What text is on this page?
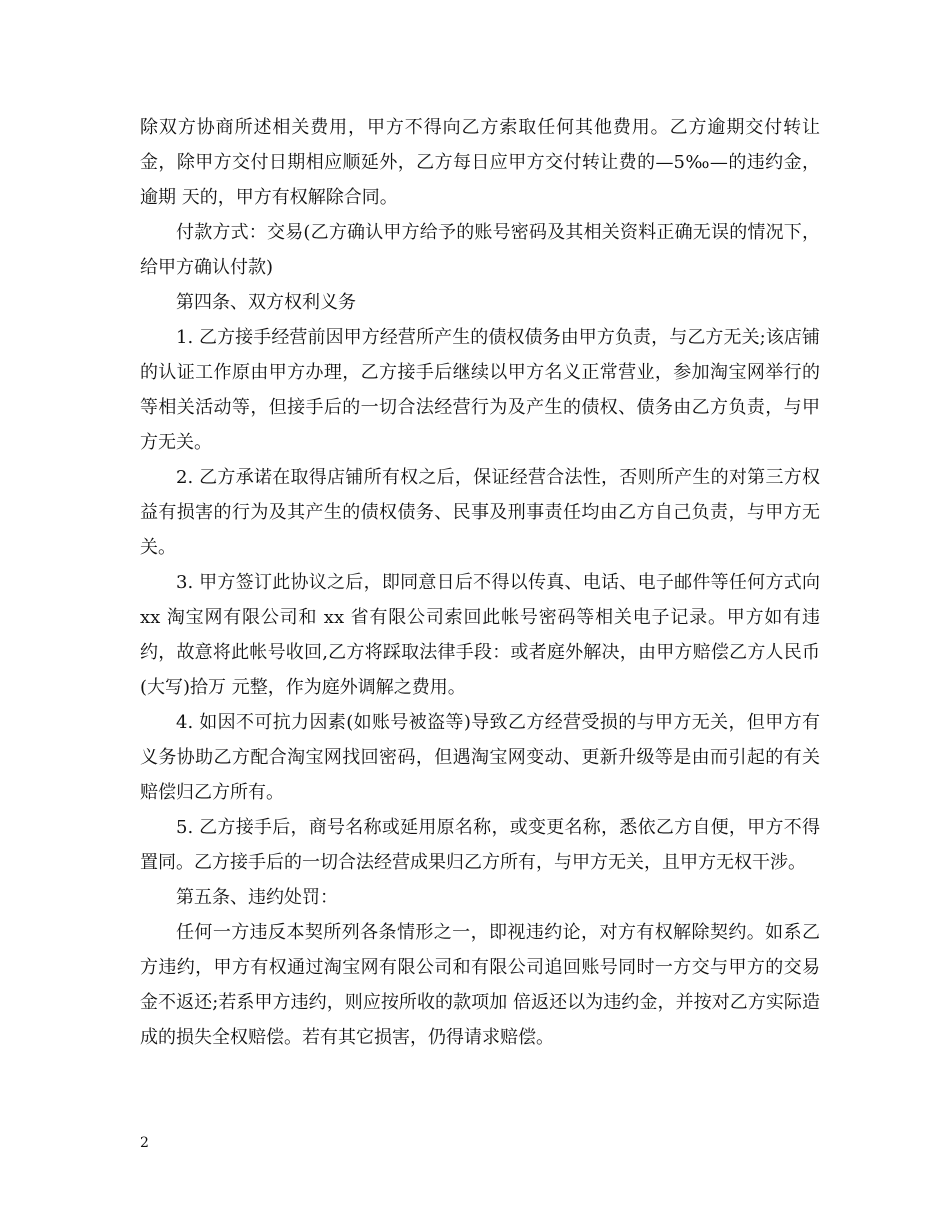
除双方协商所述相关费用，甲方不得向乙方索取任何其他费用。乙方逾期交付转让金，除甲方交付日期相应顺延外，乙方每日应甲方交付转让费的—5‰—的违约金，逾期 天的，甲方有权解除合同。

付款方式：交易(乙方确认甲方给予的账号密码及其相关资料正确无误的情况下，给甲方确认付款)

第四条、双方权利义务

1. 乙方接手经营前因甲方经营所产生的债权债务由甲方负责，与乙方无关;该店铺的认证工作原由甲方办理，乙方接手后继续以甲方名义正常营业，参加淘宝网举行的等相关活动等，但接手后的一切合法经营行为及产生的债权、债务由乙方负责，与甲方无关。

2. 乙方承诺在取得店铺所有权之后，保证经营合法性，否则所产生的对第三方权益有损害的行为及其产生的债权债务、民事及刑事责任均由乙方自己负责，与甲方无关。

3. 甲方签订此协议之后，即同意日后不得以传真、电话、电子邮件等任何方式向 xx 淘宝网有限公司和 xx 省有限公司索回此帐号密码等相关电子记录。甲方如有违约，故意将此帐号收回,乙方将踩取法律手段：或者庭外解决，由甲方赔偿乙方人民币(大写)拾万 元整，作为庭外调解之费用。

4. 如因不可抗力因素(如账号被盗等)导致乙方经营受损的与甲方无关，但甲方有义务协助乙方配合淘宝网找回密码，但遇淘宝网变动、更新升级等是由而引起的有关赔偿归乙方所有。

5. 乙方接手后，商号名称或延用原名称，或变更名称，悉依乙方自便，甲方不得置同。乙方接手后的一切合法经营成果归乙方所有，与甲方无关，且甲方无权干涉。

第五条、违约处罚：

任何一方违反本契所列各条情形之一，即视违约论，对方有权解除契约。如系乙方违约，甲方有权通过淘宝网有限公司和有限公司追回账号同时一方交与甲方的交易金不返还;若系甲方违约，则应按所收的款项加 倍返还以为违约金，并按对乙方实际造成的损失全权赔偿。若有其它损害，仍得请求赔偿。

2
